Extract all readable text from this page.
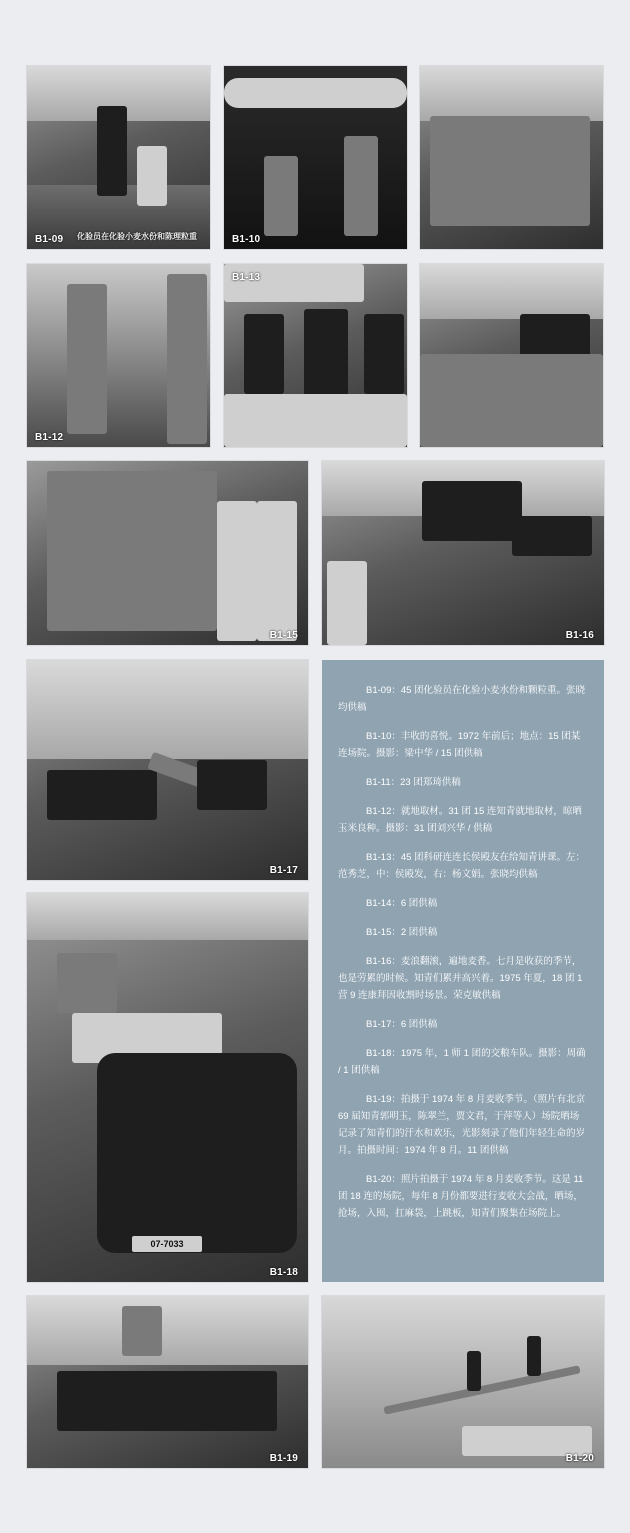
B1-09 化验员在化验小麦水份和陈理粒重	B1-10
B1-12
B1-13
B1-15	B1-16
B1-17
07-7033
B1-18

B1-09：45 团化验员在化验小麦水份和颗粒重。张晓均供稿

B1-10：丰收的喜悦。1972 年前后；地点：15 团某连场院。摄影：梁中华 / 15 团供稿

B1-11：23 团郑琦供稿

B1-12：就地取材。31 团 15 连知青就地取材，晾晒玉米良种。摄影：31 团刘兴华 / 供稿

B1-13：45 团科研连连长侯殿友在给知青讲课。左：范秀芝，中：侯殿发，右：杨文娟。张晓均供稿

B1-14：6 团供稿

B1-15：2 团供稿

B1-16：麦浪翻滚，遍地麦香。七月是收获的季节，也是劳累的时候。知青们累并高兴着。1975 年夏，18 团 1 营 9 连康拜因收割时场景。荣克敏供稿

B1-17：6 团供稿

B1-18：1975 年，1 师 1 团的交粮车队。摄影：周确 / 1 团供稿

B1-19：拍摄于 1974 年 8 月麦收季节。（照片有北京 69 届知青郭明玉，陈翠兰，贾文君，于萍等人）场院晒场记录了知青们的汗水和欢乐，光影刻录了他们年轻生命的岁月。拍摄时间：1974 年 8 月。11 团供稿

B1-20：照片拍摄于 1974 年 8 月麦收季节。这是 11 团 18 连的场院，每年 8 月份都要进行麦收大会战，晒场，抢场，入囤，扛麻袋，上跳板，知青们聚集在场院上。

B1-19	B1-20
